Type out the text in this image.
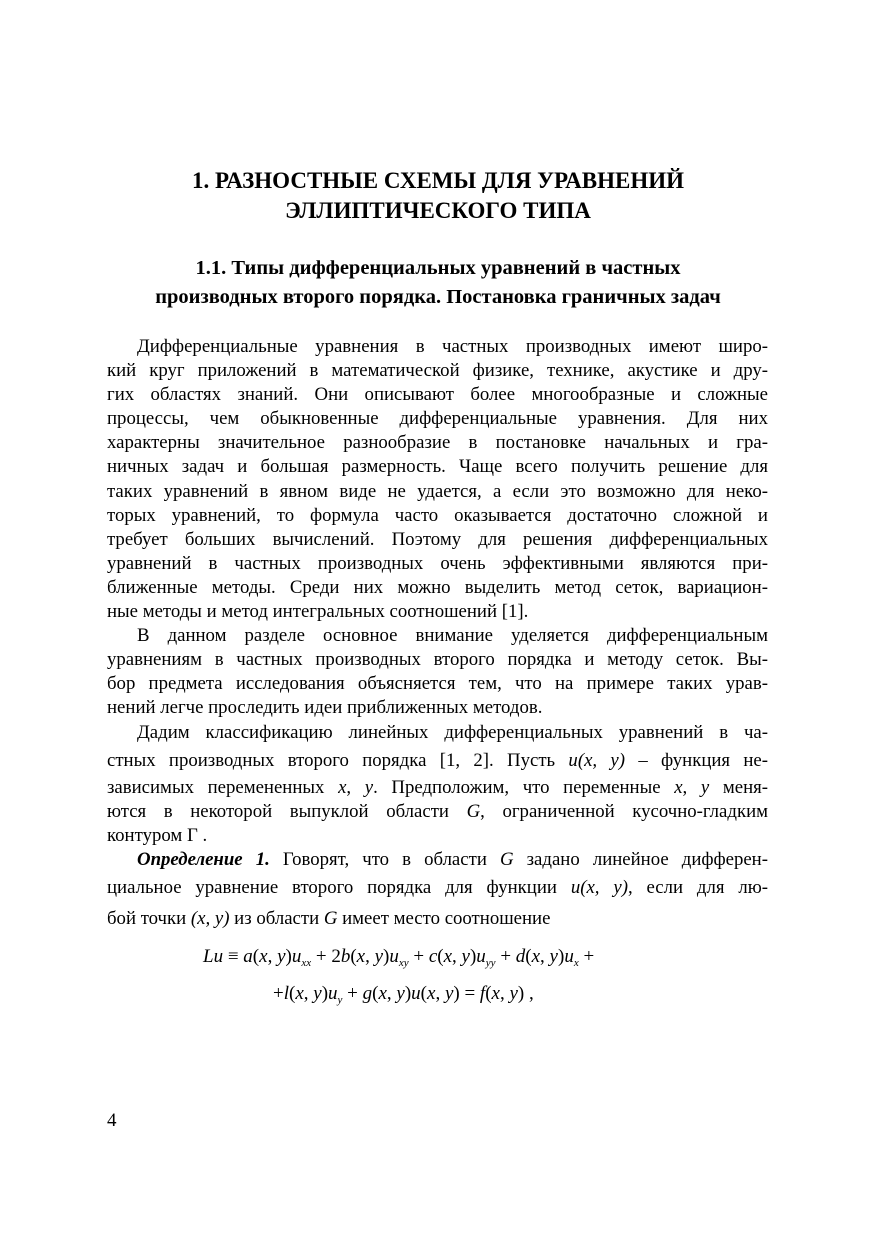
1. РАЗНОСТНЫЕ СХЕМЫ ДЛЯ УРАВНЕНИЙ
ЭЛЛИПТИЧЕСКОГО ТИПА
1.1. Типы дифференциальных уравнений в частных
производных второго порядка. Постановка граничных задач
Дифференциальные уравнения в частных производных имеют широ-
кий круг приложений в математической физике, технике, акустике и дру-
гих областях знаний. Они описывают более многообразные и сложные
процессы, чем обыкновенные дифференциальные уравнения. Для них
характерны значительное разнообразие в постановке начальных и гра-
ничных задач и большая размерность. Чаще всего получить решение для
таких уравнений в явном виде не удается, а если это возможно для неко-
торых уравнений, то формула часто оказывается достаточно сложной и
требует больших вычислений. Поэтому для решения дифференциальных
уравнений в частных производных очень эффективными являются при-
ближенные методы. Среди них можно выделить метод сеток, вариацион-
ные методы и метод интегральных соотношений [1].
В данном разделе основное внимание уделяется дифференциальным
уравнениям в частных производных второго порядка и методу сеток. Вы-
бор предмета исследования объясняется тем, что на примере таких урав-
нений легче проследить идеи приближенных методов.
Дадим классификацию линейных дифференциальных уравнений в ча-
стных производных второго порядка [1, 2]. Пусть u(x, y) – функция не-
зависимых перемененных x, y. Предположим, что переменные x, y меня-
ются в некоторой выпуклой области G, ограниченной кусочно-гладким
контуром Г .
Определение 1. Говорят, что в области G задано линейное дифферен-
циальное уравнение второго порядка для функции u(x, y), если для лю-
бой точки (x, y) из области G имеет место соотношение
Lu ≡ a(x, $y)u_{xx} + 2b(x$, $y)u_{xy} + c(x$, $y)u_{yy} + d(x$, $y)u_x$ +
+l(x, $y)u_y + g(x$, y)u(x, y) = f(x, y) ,
4
